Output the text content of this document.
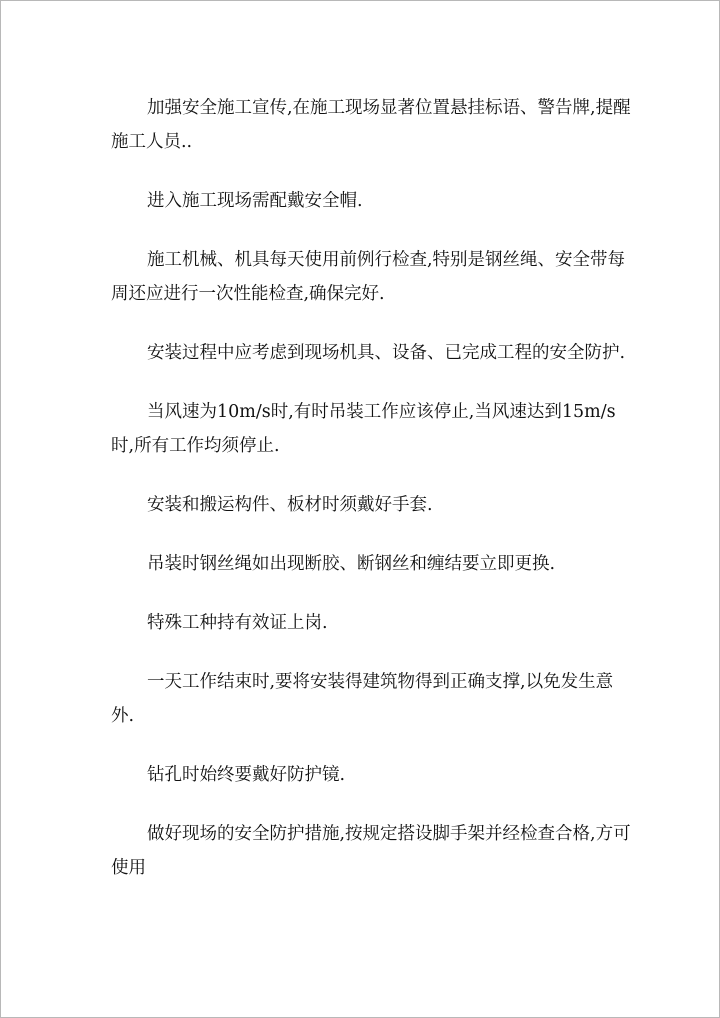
加强安全施工宣传,在施工现场显著位置悬挂标语、警告牌,提醒施工人员..

进入施工现场需配戴安全帽.

施工机械、机具每天使用前例行检查,特别是钢丝绳、安全带每周还应进行一次性能检查,确保完好.

安装过程中应考虑到现场机具、设备、已完成工程的安全防护.

当风速为10m/s时,有时吊装工作应该停止,当风速达到15m/s时,所有工作均须停止.

安装和搬运构件、板材时须戴好手套.

吊装时钢丝绳如出现断胶、断钢丝和缠结要立即更换.

特殊工种持有效证上岗.

一天工作结束时,要将安装得建筑物得到正确支撑,以免发生意外.

钻孔时始终要戴好防护镜.

做好现场的安全防护措施,按规定搭设脚手架并经检查合格,方可使用
